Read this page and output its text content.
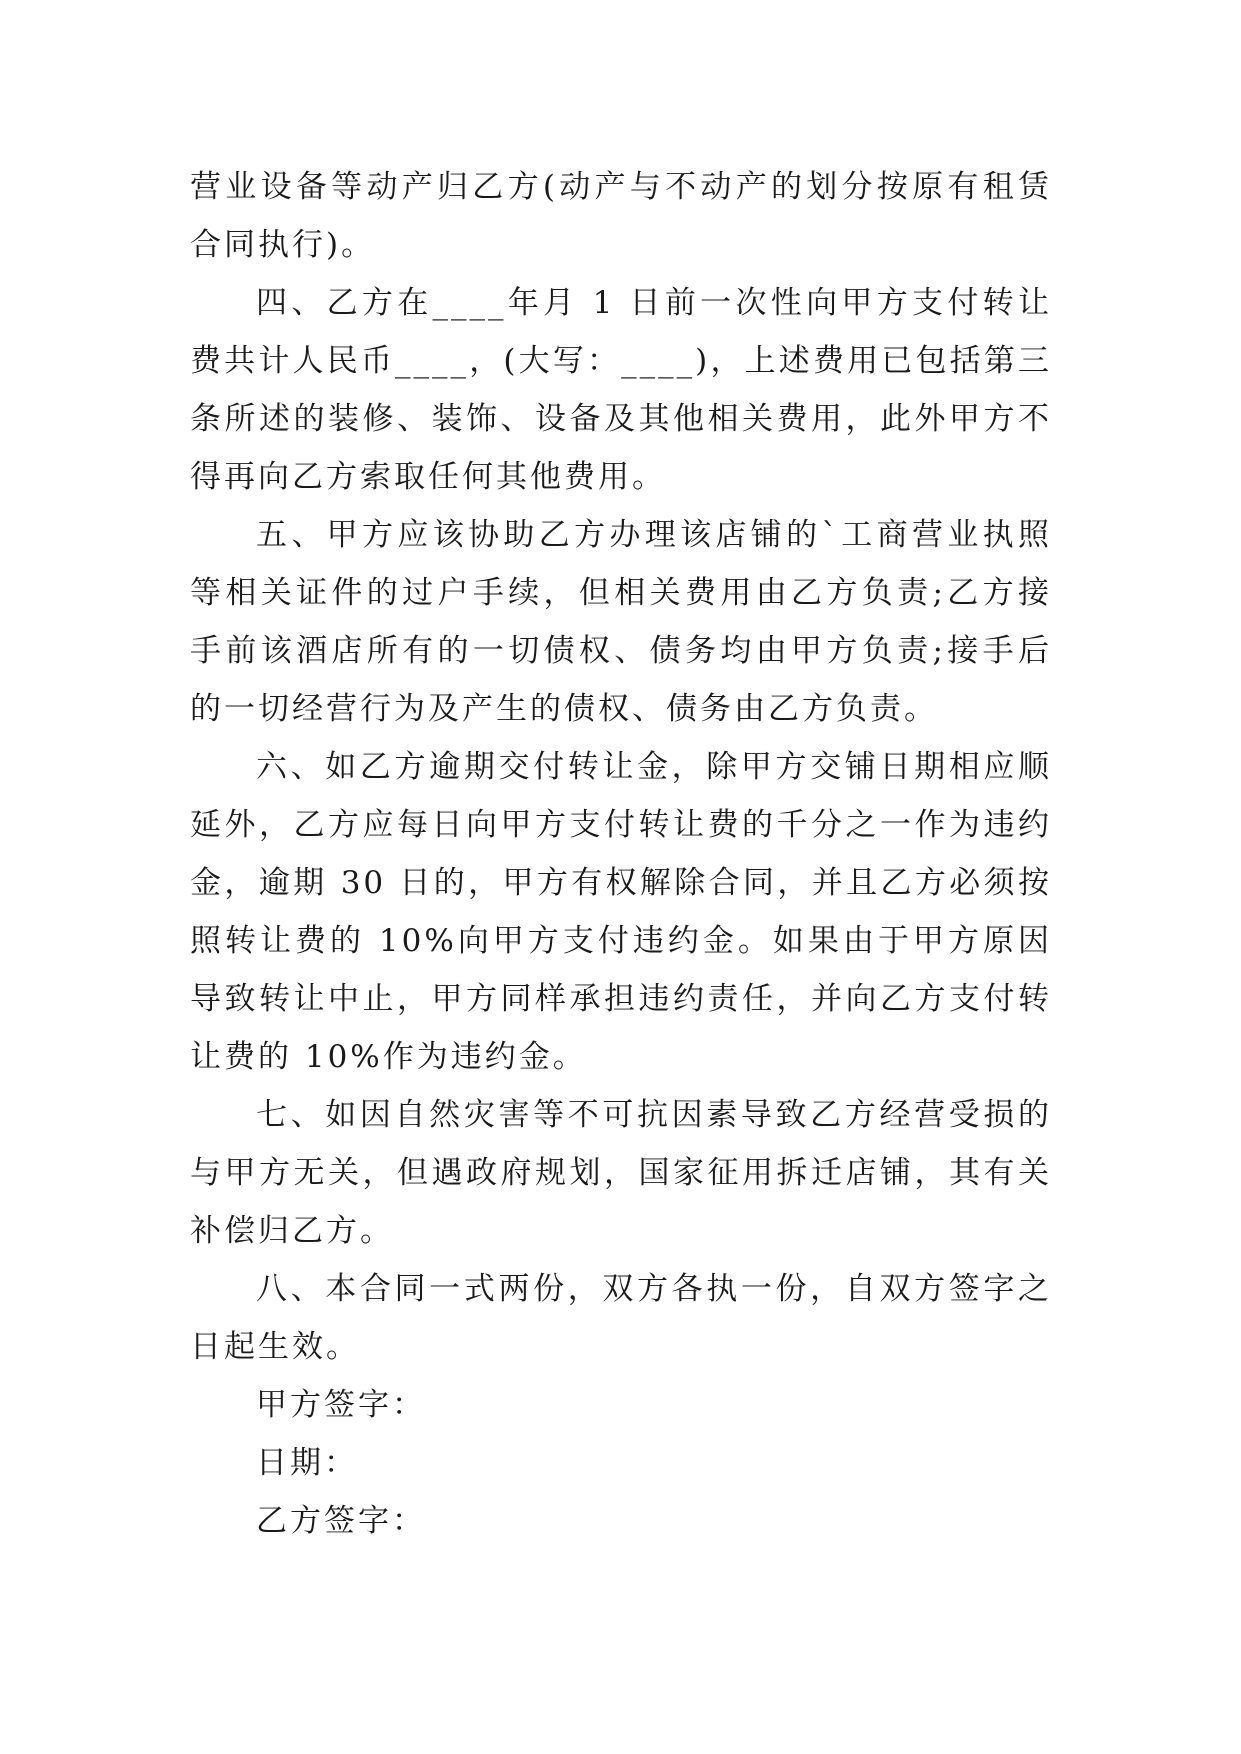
营业设备等动产归乙方(动产与不动产的划分按原有租赁合同执行)。

四、乙方在____年月 1 日前一次性向甲方支付转让费共计人民币____，(大写：____)，上述费用已包括第三条所述的装修、装饰、设备及其他相关费用，此外甲方不得再向乙方索取任何其他费用。

五、甲方应该协助乙方办理该店铺的`工商营业执照等相关证件的过户手续，但相关费用由乙方负责;乙方接手前该酒店所有的一切债权、债务均由甲方负责;接手后的一切经营行为及产生的债权、债务由乙方负责。

六、如乙方逾期交付转让金，除甲方交铺日期相应顺延外，乙方应每日向甲方支付转让费的千分之一作为违约金，逾期 30 日的，甲方有权解除合同，并且乙方必须按照转让费的 10%向甲方支付违约金。如果由于甲方原因导致转让中止，甲方同样承担违约责任，并向乙方支付转让费的 10%作为违约金。

七、如因自然灾害等不可抗因素导致乙方经营受损的与甲方无关，但遇政府规划，国家征用拆迁店铺，其有关补偿归乙方。

八、本合同一式两份，双方各执一份，自双方签字之日起生效。

甲方签字：

日期：

乙方签字：
